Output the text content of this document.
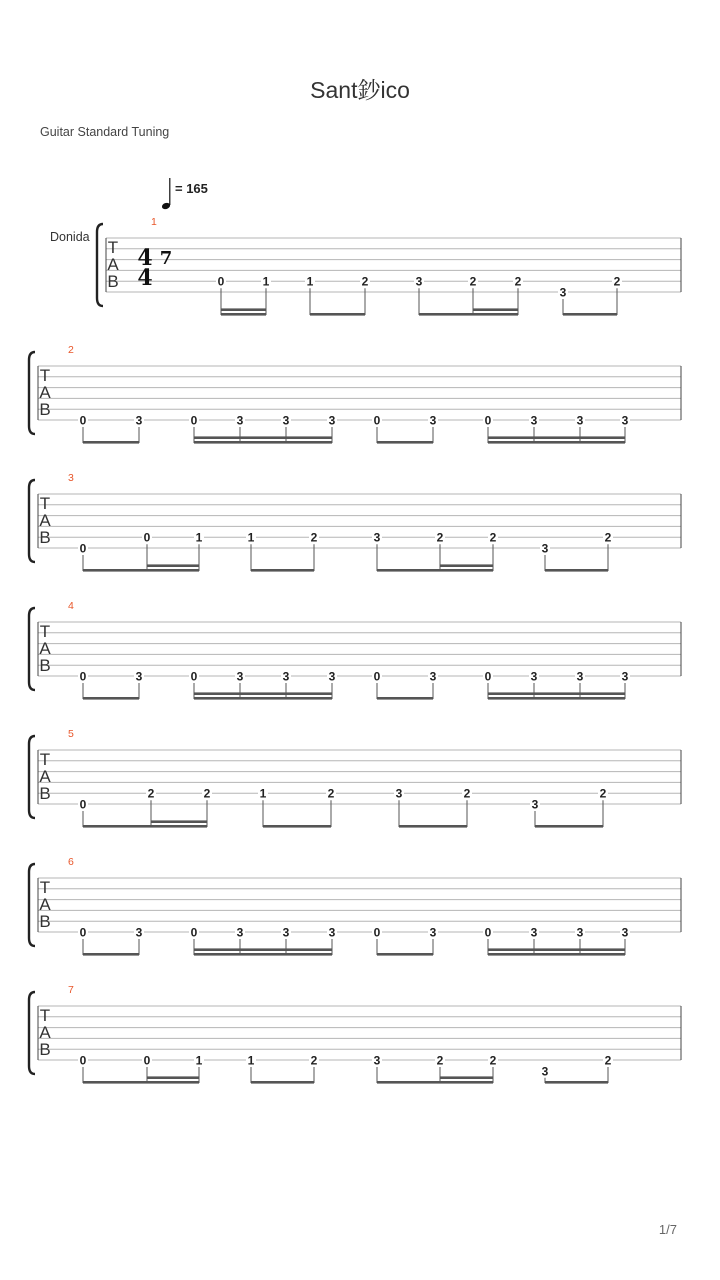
Sant鈔ico
Guitar Standard Tuning
1/7
T
A
B
1
Donida
4
4
7
= 165
0	1	1	2	3	2	2
3
2
T
A
B
2
0	3	0	3	3	3	0	3	0	3	3	3
T
A
B
3
0
0	1	1	2	3	2	2
3
2
T
A
B
4
0	3	0	3	3	3	0	3	0	3	3	3
T
A
B
5
0
2	2	1	2	3	2
3
2
T
A
B
6
0	3	0	3	3	3	0	3	0	3	3	3
T
A
B
7
0	0	1	1	2	3	2	2
3
2
